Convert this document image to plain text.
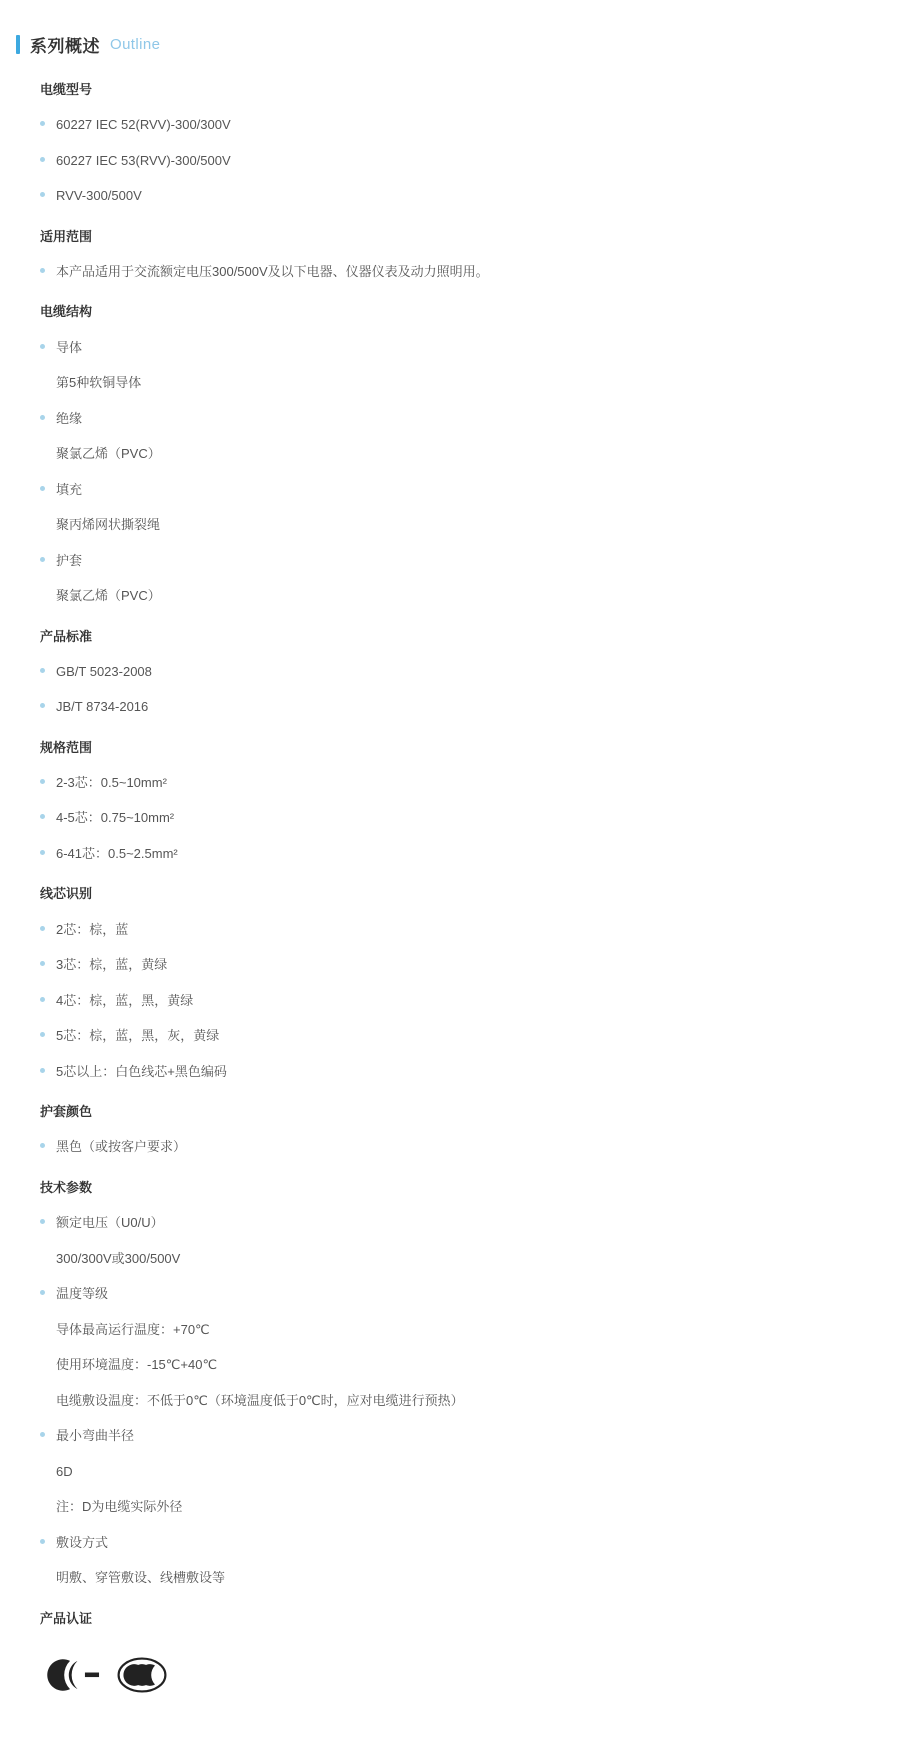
系列概述 Outline
电缆型号
60227 IEC 52(RVV)-300/300V
60227 IEC 53(RVV)-300/500V
RVV-300/500V
适用范围
本产品适用于交流额定电压300/500V及以下电器、仪器仪表及动力照明用。
电缆结构
导体
第5种软铜导体
绝缘
聚氯乙烯（PVC）
填充
聚丙烯网状撕裂绳
护套
聚氯乙烯（PVC）
产品标准
GB/T 5023-2008
JB/T 8734-2016
规格范围
2-3芯：0.5~10mm²
4-5芯：0.75~10mm²
6-41芯：0.5~2.5mm²
线芯识别
2芯：棕，蓝
3芯：棕，蓝，黄绿
4芯：棕，蓝，黑，黄绿
5芯：棕，蓝，黑，灰，黄绿
5芯以上：白色线芯+黑色编码
护套颜色
黑色（或按客户要求）
技术参数
额定电压（U0/U）
300/300V或300/500V
温度等级
导体最高运行温度：+70℃
使用环境温度：-15℃+40℃
电缆敷设温度：不低于0℃（环境温度低于0℃时，应对电缆进行预热）
最小弯曲半径
6D
注：D为电缆实际外径
敷设方式
明敷、穿管敷设、线槽敷设等
产品认证
